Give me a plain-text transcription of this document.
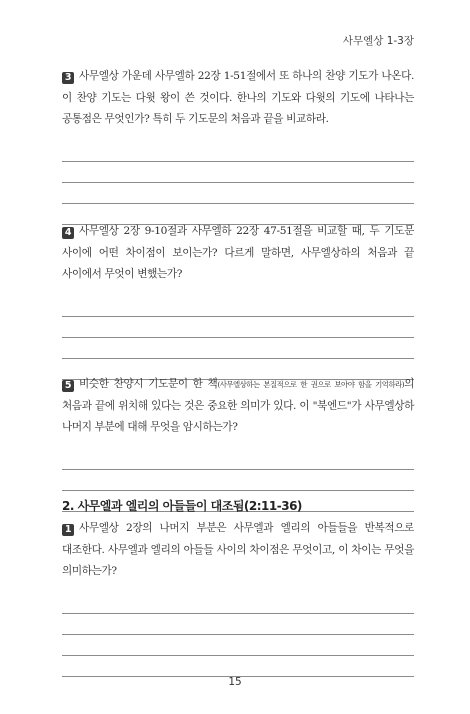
사무엘상 1-3장

3 사무엘상 가운데 사무엘하 22장 1-51절에서 또 하나의 찬양 기도가 나온다. 이 찬양 기도는 다윗 왕이 쓴 것이다. 한나의 기도와 다윗의 기도에 나타나는 공통점은 무엇인가? 특히 두 기도문의 처음과 끝을 비교하라.

4 사무엘상 2장 9-10절과 사무엘하 22장 47-51절을 비교할 때, 두 기도문 사이에 어떤 차이점이 보이는가? 다르게 말하면, 사무엘상하의 처음과 끝 사이에서 무엇이 변했는가?

5 비슷한 찬양시 기도문이 한 책(사무엘상하는 본질적으로 한 권으로 보아야 함을 기억하라)의 처음과 끝에 위치해 있다는 것은 중요한 의미가 있다. 이 "북엔드"가 사무엘상하 나머지 부분에 대해 무엇을 암시하는가?

2. 사무엘과 엘리의 아들들이 대조됨(2:11-36)

1 사무엘상 2장의 나머지 부분은 사무엘과 엘리의 아들들을 반복적으로 대조한다. 사무엘과 엘리의 아들들 사이의 차이점은 무엇이고, 이 차이는 무엇을 의미하는가?

15
